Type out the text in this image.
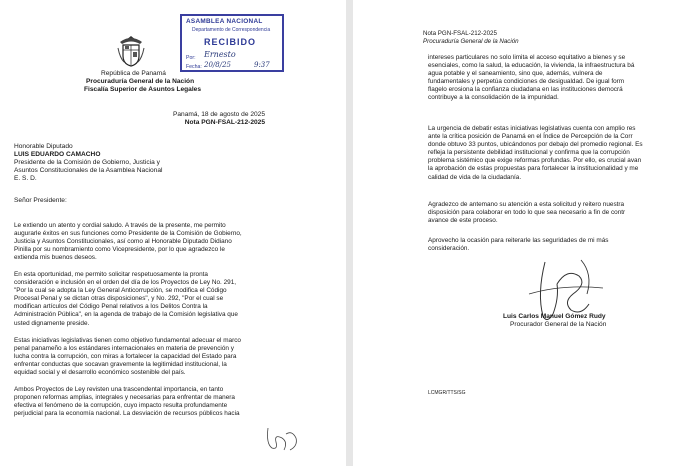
ASAMBLEA NACIONAL
Departamento de Correspondencia
RECIBIDO
Por:
Fecha:
Ernesto
20/8/25	9:37
República de Panamá
Procuraduría General de la Nación
Fiscalía Superior de Asuntos Legales
Panamá, 18 de agosto de 2025
Nota PGN-FSAL-212-2025
Honorable Diputado
LUIS EDUARDO CAMACHO
Presidente de la Comisión de Gobierno, Justicia y
Asuntos Constitucionales de la Asamblea Nacional
E. S. D.
Señor Presidente:
Le extiendo un atento y cordial saludo. A través de la presente, me permito
augurarle éxitos en sus funciones como Presidente de la Comisión de Gobierno,
Justicia y Asuntos Constitucionales, así como al Honorable Diputado Didiano
Pinilla por su nombramiento como Vicepresidente, por lo que agradezco le
extienda mis buenos deseos.
En esta oportunidad, me permito solicitar respetuosamente la pronta
consideración e inclusión en el orden del día de los Proyectos de Ley No. 291,
"Por la cual se adopta la Ley General Anticorrupción, se modifica el Código
Procesal Penal y se dictan otras disposiciones", y No. 292, "Por el cual se
modifican artículos del Código Penal relativos a los Delitos Contra la
Administración Pública", en la agenda de trabajo de la Comisión legislativa que
usted dignamente preside.
Estas iniciativas legislativas tienen como objetivo fundamental adecuar el marco
penal panameño a los estándares internacionales en materia de prevención y
lucha contra la corrupción, con miras a fortalecer la capacidad del Estado para
enfrentar conductas que socavan gravemente la legitimidad institucional, la
equidad social y el desarrollo económico sostenible del país.
Ambos Proyectos de Ley revisten una trascendental importancia, en tanto
proponen reformas amplias, integrales y necesarias para enfrentar de manera
efectiva el fenómeno de la corrupción, cuyo impacto resulta profundamente
perjudicial para la economía nacional. La desviación de recursos públicos hacia
Nota PGN-FSAL-212-2025
Procuraduría General de la Nación
intereses particulares no solo limita el acceso equitativo a bienes y se
esenciales, como la salud, la educación, la vivienda, la infraestructura bá
agua potable y el saneamiento, sino que, además, vulnera de
fundamentales y perpetúa condiciones de desigualdad. De igual form
flagelo erosiona la confianza ciudadana en las instituciones democrá
contribuye a la consolidación de la impunidad.
La urgencia de debatir estas iniciativas legislativas cuenta con amplio res
ante la crítica posición de Panamá en el Índice de Percepción de la Corr
donde obtuvo 33 puntos, ubicándonos por debajo del promedio regional. Es
refleja la persistente debilidad institucional y confirma que la corrupción
problema sistémico que exige reformas profundas. Por ello, es crucial avan
la aprobación de estas propuestas para fortalecer la institucionalidad y me
calidad de vida de la ciudadanía.
Agradezco de antemano su atención a esta solicitud y reitero nuestra
disposición para colaborar en todo lo que sea necesario a fin de contr
avance de este proceso.
Aprovecho la ocasión para reiterarle las seguridades de mi más
consideración.
Luis Carlos Manuel Gómez Rudy
Procurador General de la Nación
LCMGR/TTS/SG
